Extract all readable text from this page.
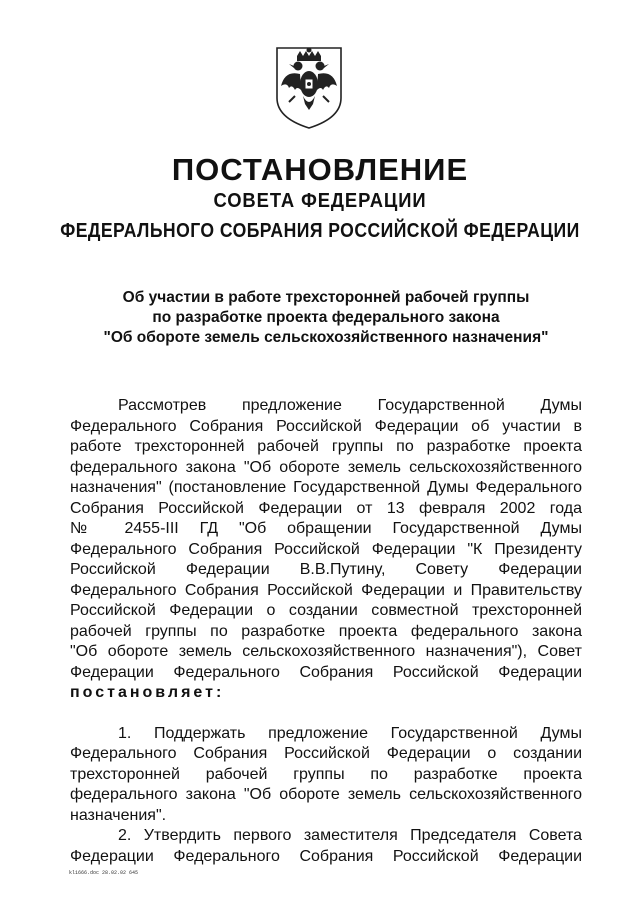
ПОСТАНОВЛЕНИЕ
СОВЕТА ФЕДЕРАЦИИ
ФЕДЕРАЛЬНОГО СОБРАНИЯ РОССИЙСКОЙ ФЕДЕРАЦИИ
Об участии в работе трехсторонней рабочей группы
по разработке проекта федерального закона
"Об обороте земель сельскохозяйственного назначения"
Рассмотрев предложение Государственной Думы
Федерального Собрания Российской Федерации об участии в
работе трехсторонней рабочей группы по разработке проекта
федерального закона "Об обороте земель сельскохозяйственного
назначения" (постановление Государственной Думы Федерального
Собрания Российской Федерации от 13 февраля 2002 года
№ 2455-III ГД "Об обращении Государственной Думы
Федерального Собрания Российской Федерации "К Президенту
Российской Федерации В.В.Путину, Совету Федерации
Федерального Собрания Российской Федерации и Правительству
Российской Федерации о создании совместной трехсторонней
рабочей группы по разработке проекта федерального закона
"Об обороте земель сельскохозяйственного назначения"), Совет
Федерации Федерального Собрания Российской Федерации
постановляет:
1. Поддержать предложение Государственной Думы
Федерального Собрания Российской Федерации о создании
трехсторонней рабочей группы по разработке проекта
федерального закона "Об обороте земель сельскохозяйственного
назначения".
2. Утвердить первого заместителя Председателя Совета
Федерации Федерального Собрания Российской Федерации
kl1666.doc 28.02.02 645
